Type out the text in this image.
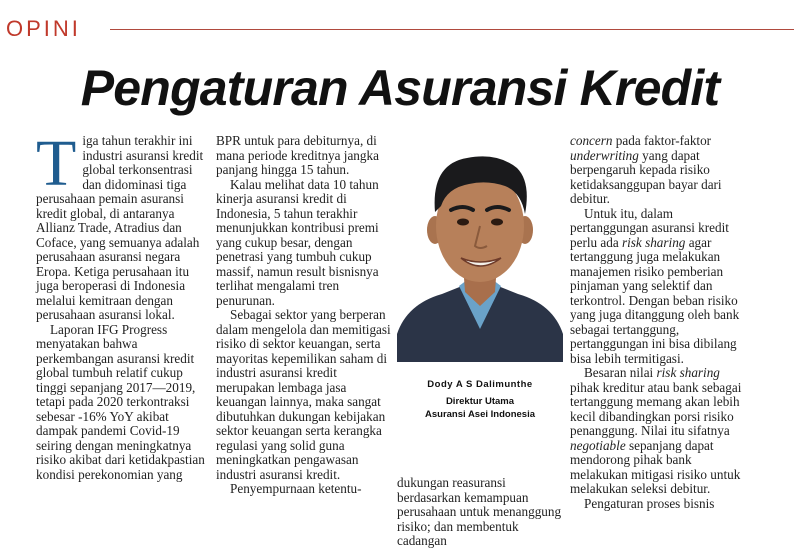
OPINI
Pengaturan Asuransi Kredit

Tiga tahun terakhir ini industri asuransi kredit global terkonsentrasi dan didominasi tiga perusahaan pemain asuransi kredit global, di antaranya Allianz Trade, Atradius dan Coface, yang semuanya adalah perusahaan asuransi negara Eropa. Ketiga perusahaan itu juga beroperasi di Indonesia melalui kemitraan dengan perusahaan asuransi lokal.

Laporan IFG Progress menyatakan bahwa perkembangan asuransi kredit global tumbuh relatif cukup tinggi sepanjang 2017—2019, tetapi pada 2020 terkontraksi sebesar -16% YoY akibat dampak pandemi Covid-19 seiring dengan meningkatnya risiko akibat dari ketidakpastian kondisi perekonomian yang

BPR untuk para debiturnya, di mana periode kreditnya jangka panjang hingga 15 tahun.

Kalau melihat data 10 tahun kinerja asuransi kredit di Indonesia, 5 tahun terakhir menunjukkan kontribusi premi yang cukup besar, dengan penetrasi yang tumbuh cukup massif, namun result bisnisnya terlihat mengalami tren penurunan.

Sebagai sektor yang berperan dalam mengelola dan memitigasi risiko di sektor keuangan, serta mayoritas kepemilikan saham di industri asuransi kredit merupakan lembaga jasa keuangan lainnya, maka sangat dibutuhkan dukungan kebijakan sektor keuangan serta kerangka regulasi yang solid guna meningkatkan pengawasan industri asuransi kredit.

Penyempurnaan ketentu-

Dody A S Dalimunthe
Direktur Utama
Asuransi Asei Indonesia

dukungan reasuransi berdasarkan kemampuan perusahaan untuk menanggung risiko; dan membentuk cadangan

concern pada faktor-faktor underwriting yang dapat berpengaruh kepada risiko ketidaksanggupan bayar dari debitur.

Untuk itu, dalam pertanggungan asuransi kredit perlu ada risk sharing agar tertanggung juga melakukan manajemen risiko pemberian pinjaman yang selektif dan terkontrol. Dengan beban risiko yang juga ditanggung oleh bank sebagai tertanggung, pertanggungan ini bisa dibilang bisa lebih termitigasi.

Besaran nilai risk sharing pihak kreditur atau bank sebagai tertanggung memang akan lebih kecil dibandingkan porsi risiko penanggung. Nilai itu sifatnya negotiable sepanjang dapat mendorong pihak bank melakukan mitigasi risiko untuk melakukan seleksi debitur.

Pengaturan proses bisnis
